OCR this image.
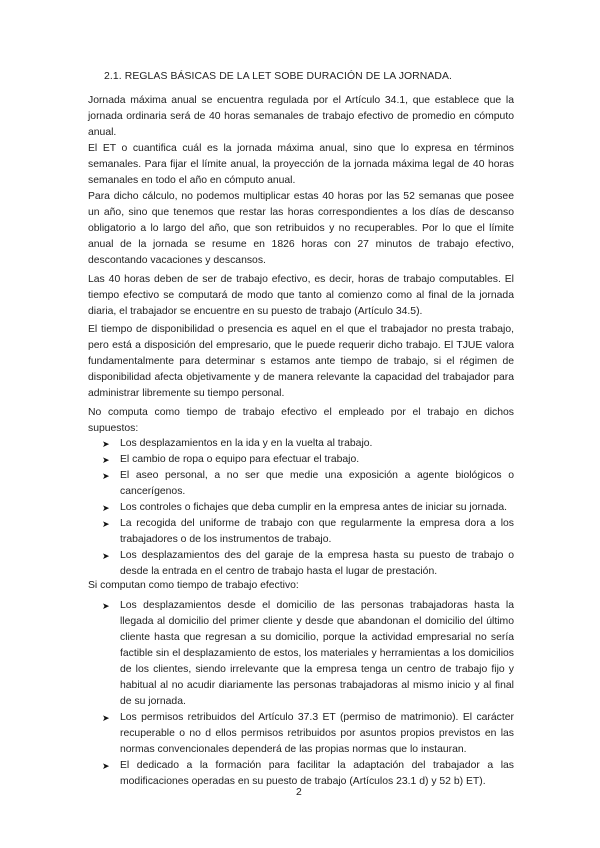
2.1. REGLAS BÁSICAS DE LA LET SOBE DURACIÓN DE LA JORNADA.

Jornada máxima anual se encuentra regulada por el Artículo 34.1, que establece que la jornada ordinaria será de 40 horas semanales de trabajo efectivo de promedio en cómputo anual.

El ET o cuantifica cuál es la jornada máxima anual, sino que lo expresa en términos semanales. Para fijar el límite anual, la proyección de la jornada máxima legal de 40 horas semanales en todo el año en cómputo anual.

Para dicho cálculo, no podemos multiplicar estas 40 horas por las 52 semanas que posee un año, sino que tenemos que restar las horas correspondientes a los días de descanso obligatorio a lo largo del año, que son retribuidos y no recuperables. Por lo que el límite anual de la jornada se resume en 1826 horas con 27 minutos de trabajo efectivo, descontando vacaciones y descansos.

Las 40 horas deben de ser de trabajo efectivo, es decir, horas de trabajo computables. El tiempo efectivo se computará de modo que tanto al comienzo como al final de la jornada diaria, el trabajador se encuentre en su puesto de trabajo (Artículo 34.5).

El tiempo de disponibilidad o presencia es aquel en el que el trabajador no presta trabajo, pero está a disposición del empresario, que le puede requerir dicho trabajo. El TJUE valora fundamentalmente para determinar s estamos ante tiempo de trabajo, si el régimen de disponibilidad afecta objetivamente y de manera relevante la capacidad del trabajador para administrar libremente su tiempo personal.

No computa como tiempo de trabajo efectivo el empleado por el trabajo en dichos supuestos:

➤ Los desplazamientos en la ida y en la vuelta al trabajo.
➤ El cambio de ropa o equipo para efectuar el trabajo.
➤ El aseo personal, a no ser que medie una exposición a agente biológicos o cancerígenos.
➤ Los controles o fichajes que deba cumplir en la empresa antes de iniciar su jornada.
➤ La recogida del uniforme de trabajo con que regularmente la empresa dora a los trabajadores o de los instrumentos de trabajo.
➤ Los desplazamientos des del garaje de la empresa hasta su puesto de trabajo o desde la entrada en el centro de trabajo hasta el lugar de prestación.

Si computan como tiempo de trabajo efectivo:

➤ Los desplazamientos desde el domicilio de las personas trabajadoras hasta la llegada al domicilio del primer cliente y desde que abandonan el domicilio del último cliente hasta que regresan a su domicilio, porque la actividad empresarial no sería factible sin el desplazamiento de estos, los materiales y herramientas a los domicilios de los clientes, siendo irrelevante que la empresa tenga un centro de trabajo fijo y habitual al no acudir diariamente las personas trabajadoras al mismo inicio y al final de su jornada.
➤ Los permisos retribuidos del Artículo 37.3 ET (permiso de matrimonio). El carácter recuperable o no d ellos permisos retribuidos por asuntos propios previstos en las normas convencionales dependerá de las propias normas que lo instauran.
➤ El dedicado a la formación para facilitar la adaptación del trabajador a las modificaciones operadas en su puesto de trabajo (Artículos 23.1 d) y 52 b) ET).
2
